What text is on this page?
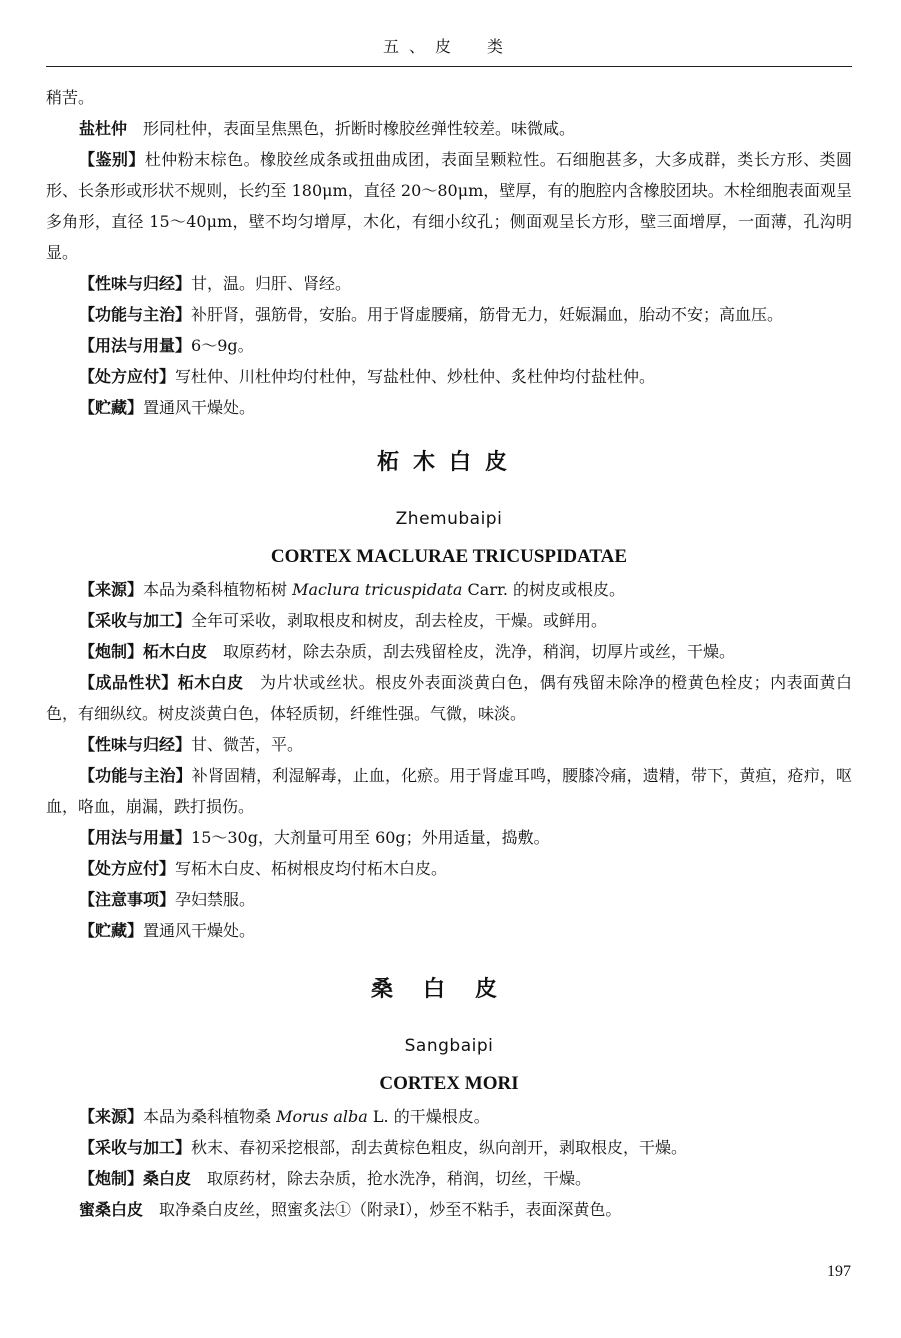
五、皮　类

稍苦。

盐杜仲 形同杜仲，表面呈焦黑色，折断时橡胶丝弹性较差。味微咸。

【鉴别】杜仲粉末棕色。橡胶丝成条或扭曲成团，表面呈颗粒性。石细胞甚多，大多成群，类长方形、类圆形、长条形或形状不规则，长约至 180μm，直径 20～80μm，壁厚，有的胞腔内含橡胶团块。木栓细胞表面观呈多角形，直径 15～40μm，壁不均匀增厚，木化，有细小纹孔；侧面观呈长方形，壁三面增厚，一面薄，孔沟明显。

【性味与归经】甘，温。归肝、肾经。

【功能与主治】补肝肾，强筋骨，安胎。用于肾虚腰痛，筋骨无力，妊娠漏血，胎动不安；高血压。

【用法与用量】6～9g。

【处方应付】写杜仲、川杜仲均付杜仲，写盐杜仲、炒杜仲、炙杜仲均付盐杜仲。

【贮藏】置通风干燥处。

柘木白皮

Zhemubaipi

CORTEX MACLURAE TRICUSPIDATAE

【来源】本品为桑科植物柘树 Maclura tricuspidata Carr. 的树皮或根皮。

【采收与加工】全年可采收，剥取根皮和树皮，刮去栓皮，干燥。或鲜用。

【炮制】柘木白皮 取原药材，除去杂质，刮去残留栓皮，洗净，稍润，切厚片或丝，干燥。

【成品性状】柘木白皮 为片状或丝状。根皮外表面淡黄白色，偶有残留未除净的橙黄色栓皮；内表面黄白色，有细纵纹。树皮淡黄白色，体轻质韧，纤维性强。气微，味淡。

【性味与归经】甘、微苦，平。

【功能与主治】补肾固精，利湿解毒，止血，化瘀。用于肾虚耳鸣，腰膝冷痛，遗精，带下，黄疸，疮疖，呕血，咯血，崩漏，跌打损伤。

【用法与用量】15～30g，大剂量可用至 60g；外用适量，捣敷。

【处方应付】写柘木白皮、柘树根皮均付柘木白皮。

【注意事项】孕妇禁服。

【贮藏】置通风干燥处。

桑白皮

Sangbaipi

CORTEX MORI

【来源】本品为桑科植物桑 Morus alba L. 的干燥根皮。

【采收与加工】秋末、春初采挖根部，刮去黄棕色粗皮，纵向剖开，剥取根皮，干燥。

【炮制】桑白皮 取原药材，除去杂质，抢水洗净，稍润，切丝，干燥。

蜜桑白皮 取净桑白皮丝，照蜜炙法①（附录Ⅰ），炒至不粘手，表面深黄色。

197
